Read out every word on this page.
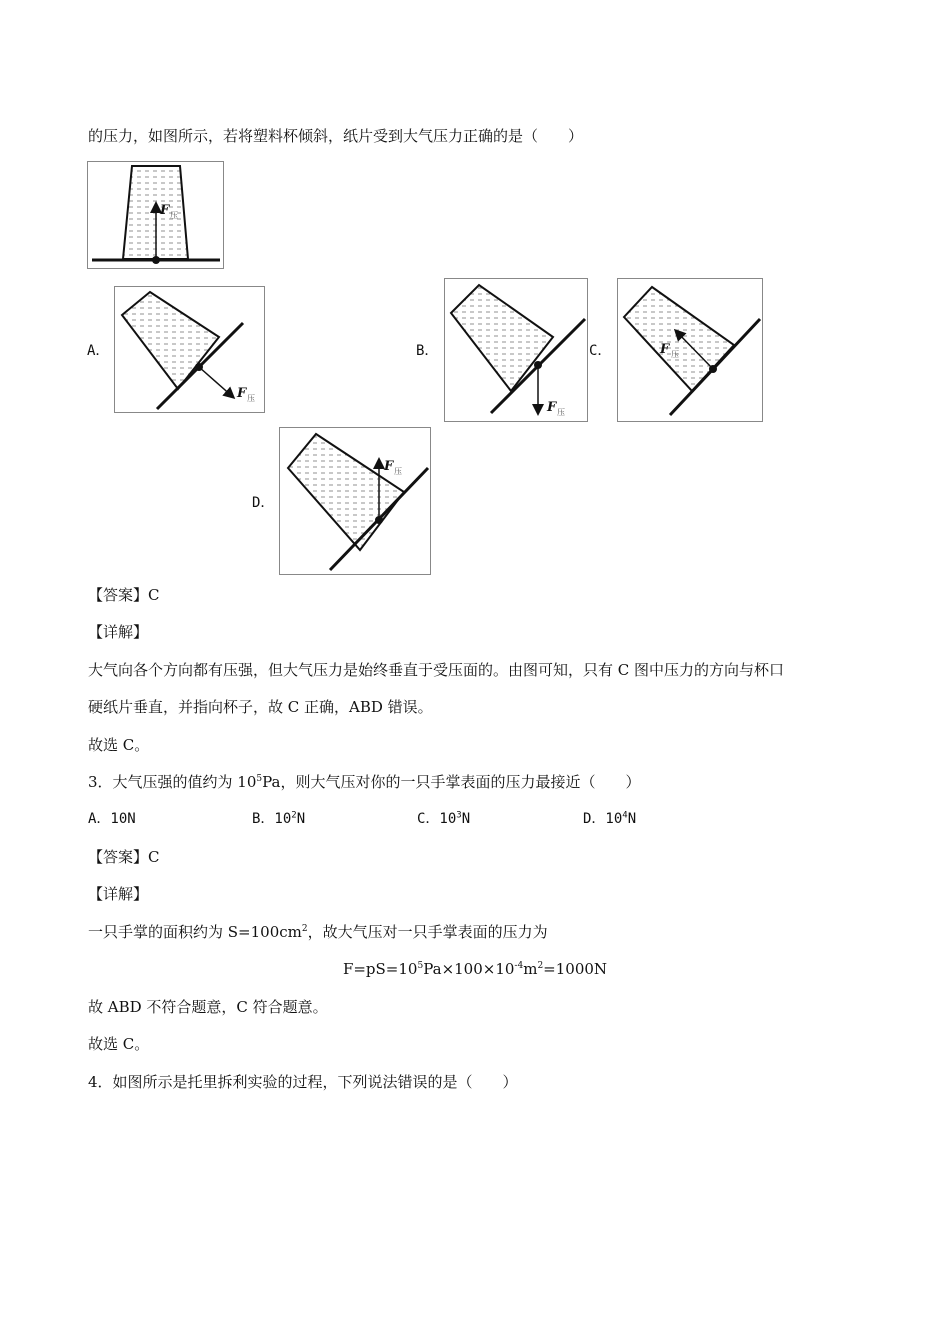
的压力，如图所示，若将塑料杯倾斜，纸片受到大气压力正确的是（　　）
F 压
A．
F 压
B．
F 压
C．	F 压
D．
F 压
【答案】C
【详解】
大气向各个方向都有压强，但大气压力是始终垂直于受压面的。由图可知，只有 C 图中压力的方向与杯口
硬纸片垂直，并指向杯子，故 C 正确，ABD 错误。
故选 C。
3．大气压强的值约为 $10^5Pa$，则大气压对你的一只手掌表面的压力最接近（　　）
A．10N	B．$10^2N$	C．$10^3N$	D．$10^4N$
【答案】C
【详解】
一只手掌的面积约为 $S=100cm^2$，故大气压对一只手掌表面的压力为
$F=pS=10^5Pa\times 100\times 10^{-4}m^2=1000N$
故 ABD 不符合题意，C 符合题意。
故选 C。
4．如图所示是托里拆利实验的过程，下列说法错误的是（　　）
